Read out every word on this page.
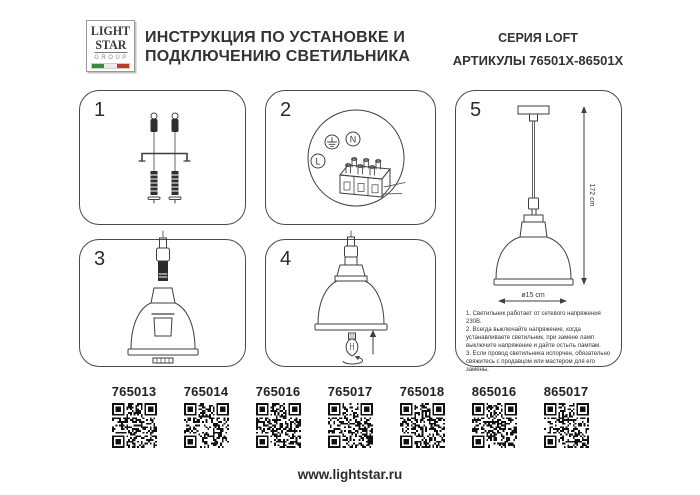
LIGHT
STAR
GROUP
ИНСТРУКЦИЯ ПО УСТАНОВКЕ И
ПОДКЛЮЧЕНИЮ СВЕТИЛЬНИКА
СЕРИЯ LOFT
АРТИКУЛЫ 76501Х-86501Х
1	2
L
N
3	4
5
172 cm
ø15 cm
1. Светильник работает от сетевого напряжения 230В.
2. Всегда выключайте напряжение, когда устанавливаете светильник, при замене ламп выключите напряжение и дайте остыть лампам.
3. Если провод светильника испорчен, обязательно свяжитесь с продавцом или мастером для его замены.
765013 765014 765016 765017 765018 865016 865017
www.lightstar.ru
